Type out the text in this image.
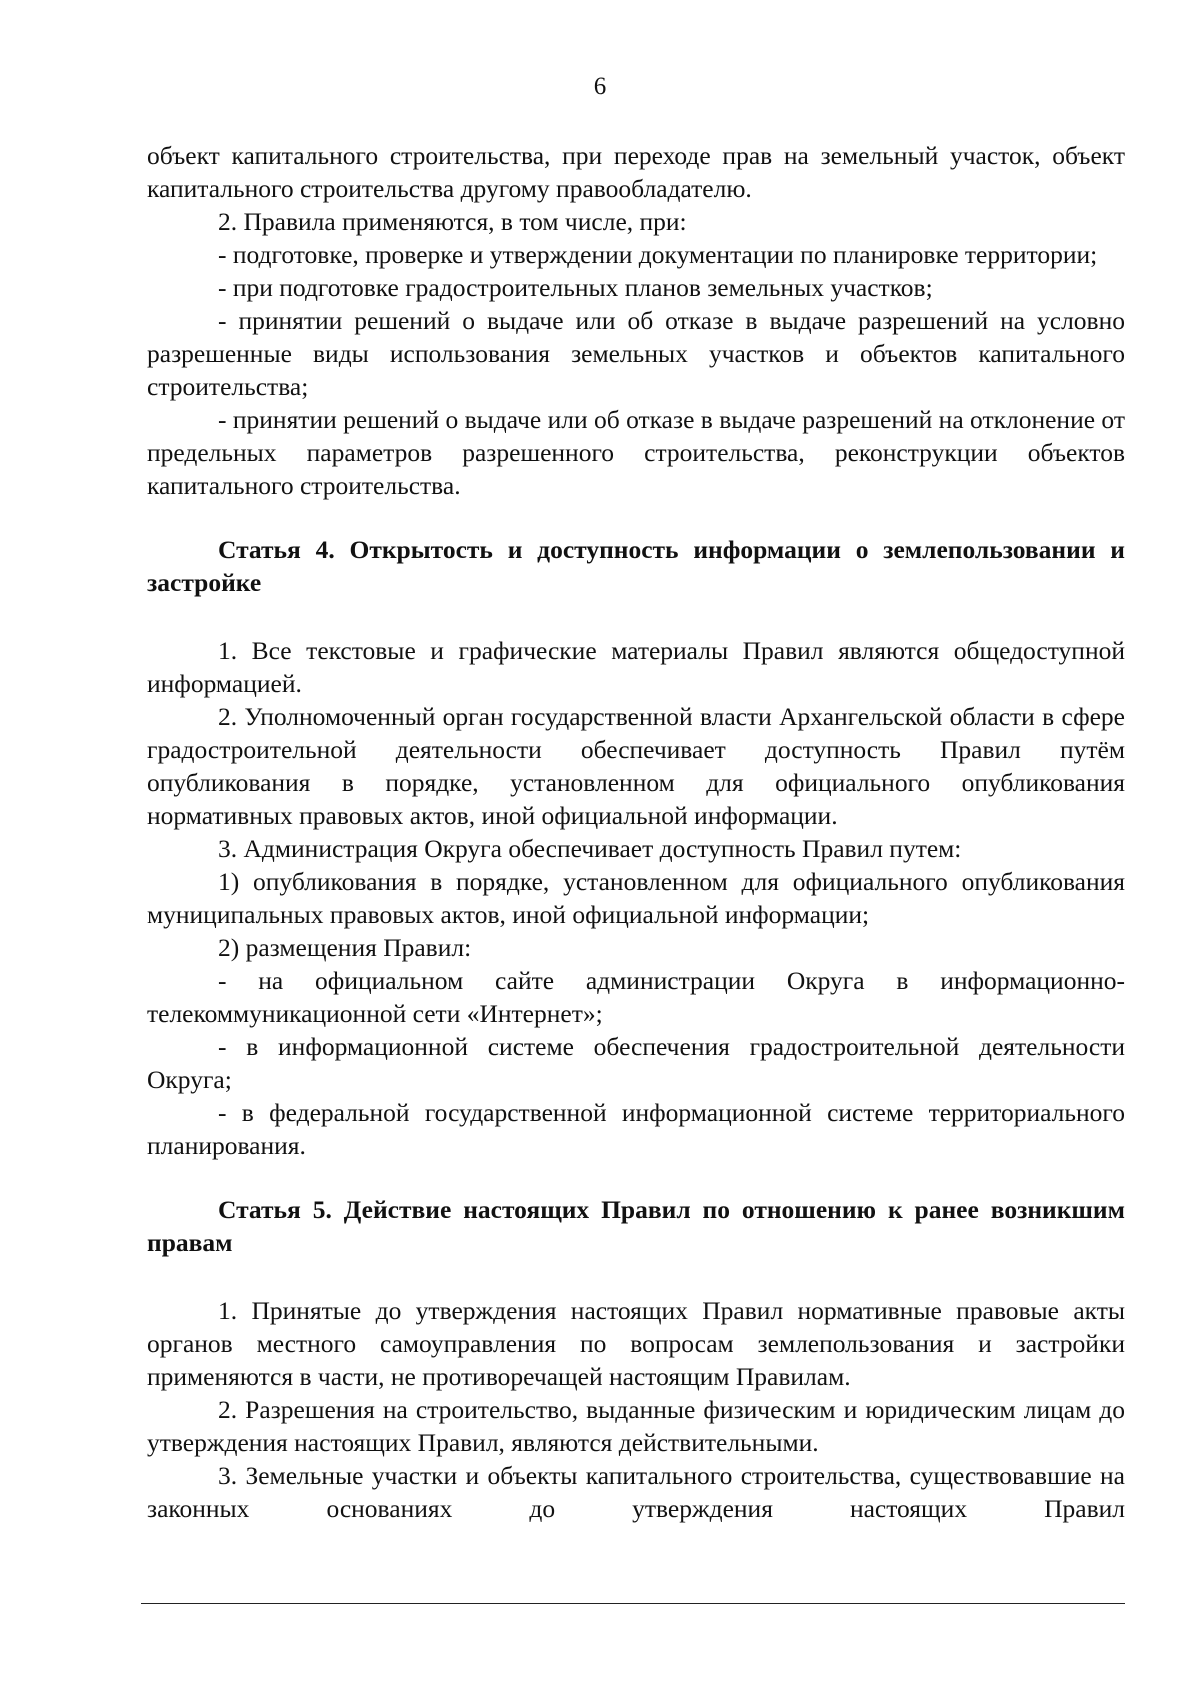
6

объект капитального строительства, при переходе прав на земельный участок, объект капитального строительства другому правообладателю.

2. Правила применяются, в том числе, при:

- подготовке, проверке и утверждении документации по планировке территории;

- при подготовке градостроительных планов земельных участков;

- принятии решений о выдаче или об отказе в выдаче разрешений на условно разрешенные виды использования земельных участков и объектов капитального строительства;

- принятии решений о выдаче или об отказе в выдаче разрешений на отклонение от предельных параметров разрешенного строительства, реконструкции объектов капитального строительства.

Статья 4. Открытость и доступность информации о землепользовании и застройке

1. Все текстовые и графические материалы Правил являются общедоступной информацией.

2. Уполномоченный орган государственной власти Архангельской области в сфере градостроительной деятельности обеспечивает доступность Правил путём опубликования в порядке, установленном для официального опубликования нормативных правовых актов, иной официальной информации.

3. Администрация Округа обеспечивает доступность Правил путем:

1) опубликования в порядке, установленном для официального опубликования муниципальных правовых актов, иной официальной информации;

2) размещения Правил:

- на официальном сайте администрации Округа в информационно-телекоммуникационной сети «Интернет»;

- в информационной системе обеспечения градостроительной деятельности Округа;

- в федеральной государственной информационной системе территориального планирования.

Статья 5. Действие настоящих Правил по отношению к ранее возникшим правам

1. Принятые до утверждения настоящих Правил нормативные правовые акты органов местного самоуправления по вопросам землепользования и застройки применяются в части, не противоречащей настоящим Правилам.

2. Разрешения на строительство, выданные физическим и юридическим лицам до утверждения настоящих Правил, являются действительными.

3. Земельные участки и объекты капитального строительства, существовавшие на законных основаниях до утверждения настоящих Правил
